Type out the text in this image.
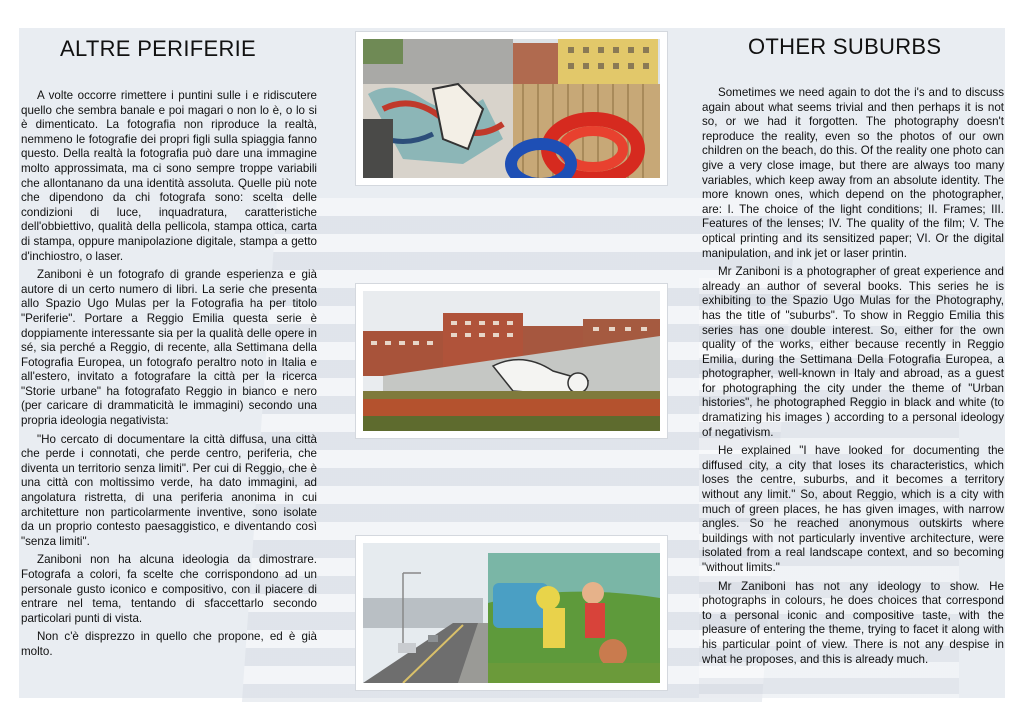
ALTRE PERIFERIE	OTHER SUBURBS

A volte occorre rimettere i puntini sulle i e ridiscutere quello che sembra banale e poi magari o non lo è, o lo si è dimenticato. La fotografia non riproduce la realtà, nemmeno le fotografie dei propri figli sulla spiaggia fanno questo. Della realtà la fotografia può dare una immagine molto approssimata, ma ci sono sempre troppe variabili che allontanano da una identità assoluta. Quelle più note che dipendono da chi fotografa sono: scelta delle condizioni di luce, inquadratura, caratteristiche dell'obbiettivo, qualità della pellicola, stampa ottica, carta di stampa, oppure manipolazione digitale, stampa a getto d'inchiostro, o laser.

Zaniboni è un fotografo di grande esperienza e già autore di un certo numero di libri. La serie che presenta allo Spazio Ugo Mulas per la Fotografia ha per titolo "Periferie". Portare a Reggio Emilia questa serie è doppiamente interessante sia per la qualità delle opere in sé, sia perché a Reggio, di recente, alla Settimana della Fotografia Europea, un fotografo peraltro noto in Italia e all'estero, invitato a fotografare la città per la ricerca "Storie urbane" ha fotografato Reggio in bianco e nero (per caricare di drammaticità le immagini) secondo una propria ideologia negativista:

"Ho cercato di documentare la città diffusa, una città che perde i connotati, che perde centro, periferia, che diventa un territorio senza limiti". Per cui di Reggio, che è una città con moltissimo verde, ha dato immagini, ad angolatura ristretta, di una periferia anonima in cui architetture non particolarmente inventive, sono isolate da un proprio contesto paesaggistico, e diventando così "senza limiti".

Zaniboni non ha alcuna ideologia da dimostrare. Fotografa a colori, fa scelte che corrispondono ad un personale gusto iconico e compositivo, con il piacere di entrare nel tema, tentando di sfaccettarlo secondo particolari punti di vista.

Non c'è disprezzo in quello che propone, ed è già molto.

Sometimes we need again to dot the i's and to discuss again about what seems trivial and then perhaps it is not so, or we had it forgotten. The photography doesn't reproduce the reality, even so the photos of our own children on the beach, do this. Of the reality one photo can give a very close image, but there are always too many variables, which keep away from an absolute identity. The more known ones, which depend on the photographer, are: I. The choice of the light conditions; II. Frames; III. Features of the lenses; IV. The quality of the film; V. The optical printing and its sensitized paper; VI. Or the digital manipulation, and ink jet or laser printin.

Mr Zaniboni is a photographer of great experience and already an author of several books. This series he is exhibiting to the Spazio Ugo Mulas for the Photography, has the title of "suburbs". To show in Reggio Emilia this series has one double interest. So, either for the own quality of the works, either because recently in Reggio Emilia, during the Settimana Della Fotografia Europea, a photographer, well-known in Italy and abroad, as a guest for photographing the city under the theme of "Urban histories", he photographed Reggio in black and white (to dramatizing his images ) according to a personal ideology of negativism.

He explained "I have looked for documenting the diffused city, a city that loses its characteristics, which loses the centre, suburbs, and it becomes a territory without any limit." So, about Reggio, which is a city with much of green places, he has given images, with narrow angles. So he reached anonymous outskirts where buildings with not particularly inventive architecture, were isolated from a real landscape context, and so becoming "without limits."

Mr Zaniboni has not any ideology to show. He photographs in colours, he does choices that correspond to a personal iconic and compositive taste, with the pleasure of entering the theme, trying to facet it along with his particular point of view. There is not any despise in what he proposes, and this is already much.
